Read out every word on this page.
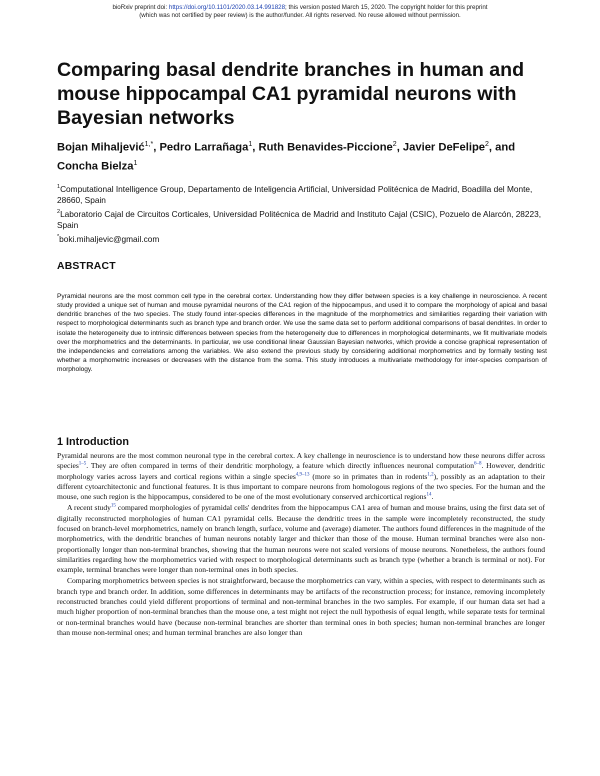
bioRxiv preprint doi: https://doi.org/10.1101/2020.03.14.991828; this version posted March 15, 2020. The copyright holder for this preprint
(which was not certified by peer review) is the author/funder. All rights reserved. No reuse allowed without permission.
Comparing basal dendrite branches in human and mouse hippocampal CA1 pyramidal neurons with Bayesian networks
Bojan Mihaljević$^{1,*}$, Pedro Larrañaga$^1$, Ruth Benavides-Piccione$^2$, Javier DeFelipe$^2$, and Concha Bielza$^1$
$^1$Computational Intelligence Group, Departamento de Inteligencia Artificial, Universidad Politécnica de Madrid, Boadilla del Monte, 28660, Spain
$^2$Laboratorio Cajal de Circuitos Corticales, Universidad Politécnica de Madrid and Instituto Cajal (CSIC), Pozuelo de Alarcón, 28223, Spain
*boki.mihaljevic@gmail.com
ABSTRACT
Pyramidal neurons are the most common cell type in the cerebral cortex. Understanding how they differ between species is a key challenge in neuroscience. A recent study provided a unique set of human and mouse pyramidal neurons of the CA1 region of the hippocampus, and used it to compare the morphology of apical and basal dendritic branches of the two species. The study found inter-species differences in the magnitude of the morphometrics and similarities regarding their variation with respect to morphological determinants such as branch type and branch order. We use the same data set to perform additional comparisons of basal dendrites. In order to isolate the heterogeneity due to intrinsic differences between species from the heterogeneity due to differences in morphological determinants, we fit multivariate models over the morphometrics and the determinants. In particular, we use conditional linear Gaussian Bayesian networks, which provide a concise graphical representation of the independencies and correlations among the variables. We also extend the previous study by considering additional morphometrics and by formally testing test whether a morphometric increases or decreases with the distance from the soma. This study introduces a multivariate methodology for inter-species comparison of morphology.
1 Introduction

Pyramidal neurons are the most common neuronal type in the cerebral cortex. A key challenge in neuroscience is to understand how these neurons differ across species$^{1-5}$. They are often compared in terms of their dendritic morphology, a feature which directly influences neuronal computation$^{6-8}$. However, dendritic morphology varies across layers and cortical regions within a single species$^{4,9-13}$ (more so in primates than in rodents$^{1,2}$), possibly as an adaptation to their different cytoarchitectonic and functional features. It is thus important to compare neurons from homologous regions of the two species. For the human and the mouse, one such region is the hippocampus, considered to be one of the most evolutionary conserved archicortical regions$^{14}$.

A recent study$^{15}$ compared morphologies of pyramidal cells' dendrites from the hippocampus CA1 area of human and mouse brains, using the first data set of digitally reconstructed morphologies of human CA1 pyramidal cells. Because the dendritic trees in the sample were incompletely reconstructed, the study focused on branch-level morphometrics, namely on branch length, surface, volume and (average) diameter. The authors found differences in the magnitude of the morphometrics, with the dendritic branches of human neurons notably larger and thicker than those of the mouse. Human terminal branches were also non-proportionally longer than non-terminal branches, showing that the human neurons were not scaled versions of mouse neurons. Nonetheless, the authors found similarities regarding how the morphometrics varied with respect to morphological determinants such as branch type (whether a branch is terminal or not). For example, terminal branches were longer than non-terminal ones in both species.

Comparing morphometrics between species is not straightforward, because the morphometrics can vary, within a species, with respect to determinants such as branch type and branch order. In addition, some differences in determinants may be artifacts of the reconstruction process; for instance, removing incompletely reconstructed branches could yield different proportions of terminal and non-terminal branches in the two samples. For example, if our human data set had a much higher proportion of non-terminal branches than the mouse one, a test might not reject the null hypothesis of equal length, while separate tests for terminal or non-terminal branches would have (because non-terminal branches are shorter than terminal ones in both species; human non-terminal branches are longer than mouse non-terminal ones; and human terminal branches are also longer than
